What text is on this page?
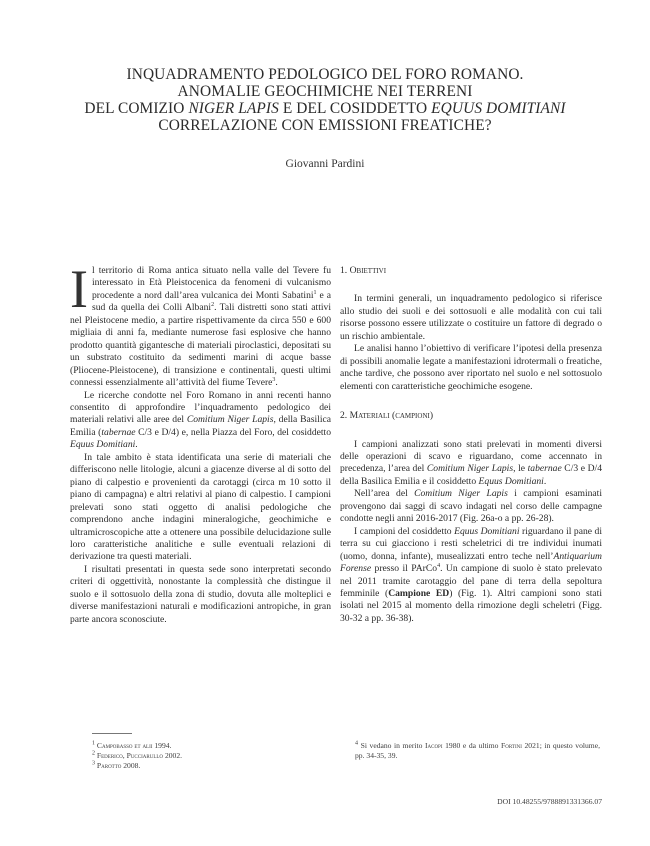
INQUADRAMENTO PEDOLOGICO DEL FORO ROMANO.
ANOMALIE GEOCHIMICHE NEI TERRENI
DEL COMIZIO NIGER LAPIS E DEL COSIDDETTO EQUUS DOMITIANI
CORRELAZIONE CON EMISSIONI FREATICHE?
Giovanni Pardini

Il territorio di Roma antica situato nella valle del Tevere fu interessato in Età Pleistocenica da fenomeni di vulcanismo procedente a nord dall’area vulcanica dei Monti Sabatini$^1$ e a sud da quella dei Colli Albani$^2$. Tali distretti sono stati attivi nel Pleistocene medio, a partire rispettivamente da circa 550 e 600 migliaia di anni fa, mediante numerose fasi esplosive che hanno prodotto quantità gigantesche di materiali piroclastici, depositati su un substrato costituito da sedimenti marini di acque basse (Pliocene-Pleistocene), di transizione e continentali, questi ultimi connessi essenzialmente all’attività del fiume Tevere$^3$.

Le ricerche condotte nel Foro Romano in anni recenti hanno consentito di approfondire l’inquadramento pedologico dei materiali relativi alle aree del Comitium Niger Lapis, della Basilica Emilia (tabernae C/3 e D/4) e, nella Piazza del Foro, del cosiddetto Equus Domitiani.

In tale ambito è stata identificata una serie di materiali che differiscono nelle litologie, alcuni a giacenze diverse al di sotto del piano di calpestio e provenienti da carotaggi (circa m 10 sotto il piano di campagna) e altri relativi al piano di calpestio. I campioni prelevati sono stati oggetto di analisi pedologiche che comprendono anche indagini mineralogiche, geochimiche e ultramicroscopiche atte a ottenere una possibile delucidazione sulle loro caratteristiche analitiche e sulle eventuali relazioni di derivazione tra questi materiali.

I risultati presentati in questa sede sono interpretati secondo criteri di oggettività, nonostante la complessità che distingue il suolo e il sottosuolo della zona di studio, dovuta alle molteplici e diverse manifestazioni naturali e modificazioni antropiche, in gran parte ancora sconosciute.

1. Obiettivi

In termini generali, un inquadramento pedologico si riferisce allo studio dei suoli e dei sottosuoli e alle modalità con cui tali risorse possono essere utilizzate o costituire un fattore di degrado o un rischio ambientale.

Le analisi hanno l’obiettivo di verificare l’ipotesi della presenza di possibili anomalie legate a manifestazioni idrotermali o freatiche, anche tardive, che possono aver riportato nel suolo e nel sottosuolo elementi con caratteristiche geochimiche esogene.

2. Materiali (campioni)

I campioni analizzati sono stati prelevati in momenti diversi delle operazioni di scavo e riguardano, come accennato in precedenza, l’area del Comitium Niger Lapis, le tabernae C/3 e D/4 della Basilica Emilia e il cosiddetto Equus Domitiani.

Nell’area del Comitium Niger Lapis i campioni esaminati provengono dai saggi di scavo indagati nel corso delle campagne condotte negli anni 2016-2017 (Fig. 26a-o a pp. 26-28).

I campioni del cosiddetto Equus Domitiani riguardano il pane di terra su cui giacciono i resti scheletrici di tre individui inumati (uomo, donna, infante), musealizzati entro teche nell’Antiquarium Forense presso il PArCo$^4$. Un campione di suolo è stato prelevato nel 2011 tramite carotaggio del pane di terra della sepoltura femminile (Campione ED) (Fig. 1). Altri campioni sono stati isolati nel 2015 al momento della rimozione degli scheletri (Figg. 30-32 a pp. 36-38).

$^1$ Campobasso et alii 1994.
$^2$ Federico, Pucciarullo 2002.
$^3$ Parotto 2008.
$^4$ Si vedano in merito Iacopi 1980 e da ultimo Fortini 2021; in questo volume, pp. 34-35, 39.
DOI 10.48255/9788891331366.07
